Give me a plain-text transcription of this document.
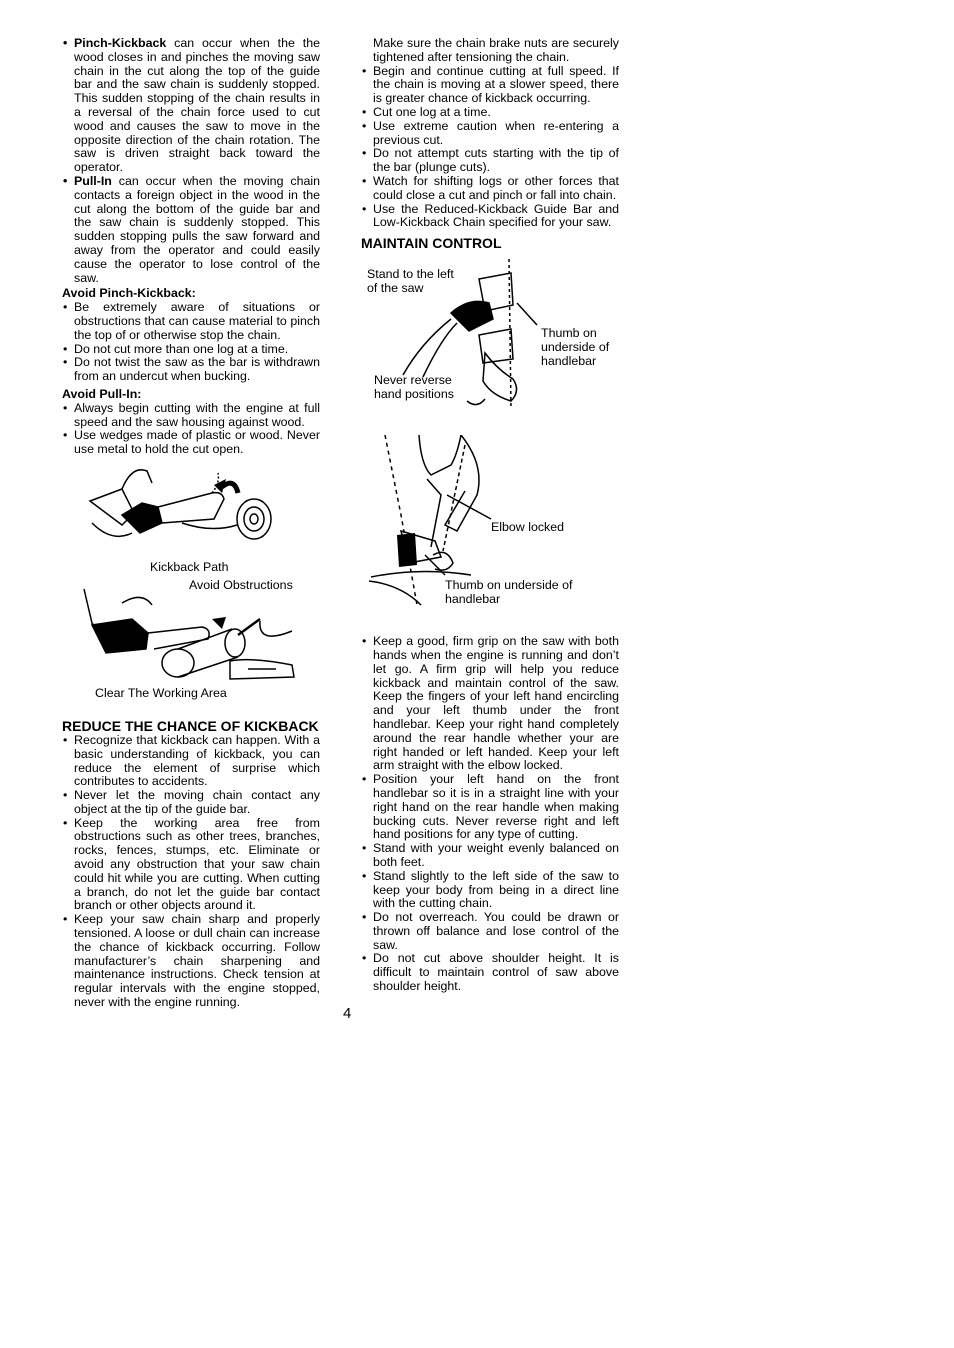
• Pinch-Kickback can occur when the the wood closes in and pinches the moving saw chain in the cut along the top of the guide bar and the saw chain is suddenly stopped. This sudden stopping of the chain results in a reversal of the chain force used to cut wood and causes the saw to move in the opposite direction of the chain rotation. The saw is driven straight back toward the operator.
• Pull-In can occur when the moving chain contacts a foreign object in the wood in the cut along the bottom of the guide bar and the saw chain is suddenly stopped. This sudden stopping pulls the saw forward and away from the operator and could easily cause the operator to lose control of the saw.

Avoid Pinch-Kickback:

• Be extremely aware of situations or obstructions that can cause material to pinch the top of or otherwise stop the chain.
• Do not cut more than one log at a time.
• Do not twist the saw as the bar is withdrawn from an undercut when bucking.

Avoid Pull-In:

• Always begin cutting with the engine at full speed and the saw housing against wood.
• Use wedges made of plastic or wood. Never use metal to hold the cut open.
Kickback Path
Avoid Obstructions
Clear The Working Area

REDUCE THE CHANCE OF KICKBACK

• Recognize that kickback can happen. With a basic understanding of kickback, you can reduce the element of surprise which contributes to accidents.
• Never let the moving chain contact any object at the tip of the guide bar.
• Keep the working area free from obstructions such as other trees, branches, rocks, fences, stumps, etc. Eliminate or avoid any obstruction that your saw chain could hit while you are cutting. When cutting a branch, do not let the guide bar contact branch or other objects around it.
• Keep your saw chain sharp and properly tensioned. A loose or dull chain can increase the chance of kickback occurring. Follow manufacturer’s chain sharpening and maintenance instructions. Check tension at regular intervals with the engine stopped, never with the engine running.

Make sure the chain brake nuts are securely tightened after tensioning the chain.

• Begin and continue cutting at full speed. If the chain is moving at a slower speed, there is greater chance of kickback occurring.
• Cut one log at a time.
• Use extreme caution when re-entering a previous cut.
• Do not attempt cuts starting with the tip of the bar (plunge cuts).
• Watch for shifting logs or other forces that could close a cut and pinch or fall into chain.
• Use the Reduced-Kickback Guide Bar and Low-Kickback Chain specified for your saw.

MAINTAIN CONTROL

Stand to the left of the saw
Thumb on underside of handlebar
Never reverse hand positions
Elbow locked
Thumb on underside of handlebar
• Keep a good, firm grip on the saw with both hands when the engine is running and don’t let go. A firm grip will help you reduce kickback and maintain control of the saw. Keep the fingers of your left hand encircling and your left thumb under the front handlebar. Keep your right hand completely around the rear handle whether your are right handed or left handed. Keep your left arm straight with the elbow locked.
• Position your left hand on the front handlebar so it is in a straight line with your right hand on the rear handle when making bucking cuts. Never reverse right and left hand positions for any type of cutting.
• Stand with your weight evenly balanced on both feet.
• Stand slightly to the left side of the saw to keep your body from being in a direct line with the cutting chain.
• Do not overreach. You could be drawn or thrown off balance and lose control of the saw.
• Do not cut above shoulder height. It is difficult to maintain control of saw above shoulder height.
4
